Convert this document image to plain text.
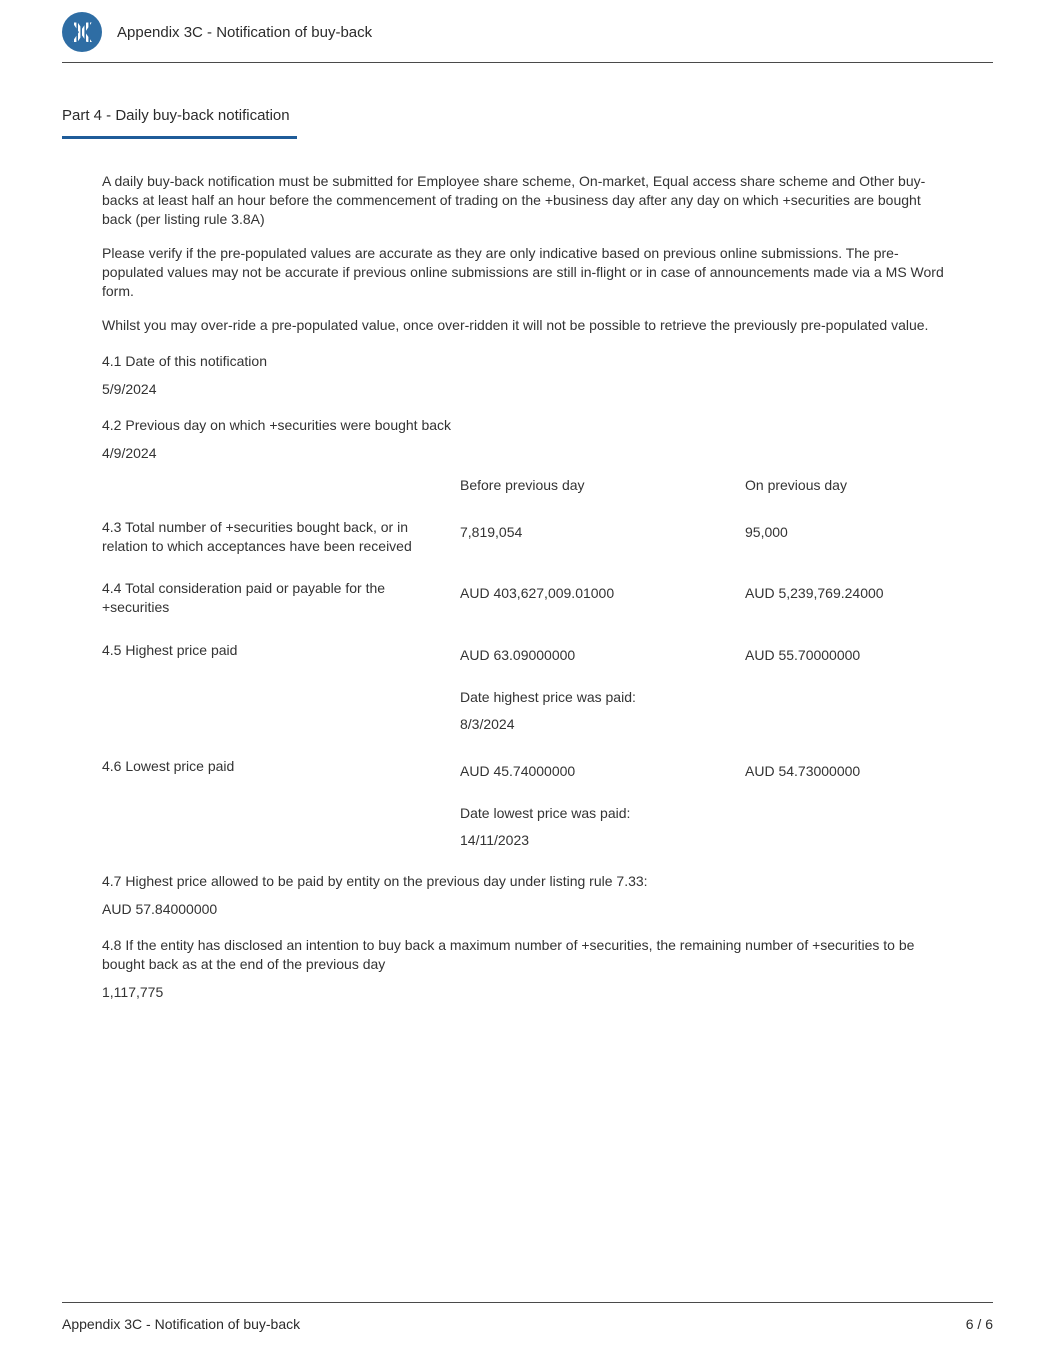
X Appendix 3C - Notification of buy-back
Part 4 - Daily buy-back notification

A daily buy-back notification must be submitted for Employee share scheme, On-market, Equal access share scheme and Other buy-backs at least half an hour before the commencement of trading on the +business day after any day on which +securities are bought back (per listing rule 3.8A)

Please verify if the pre-populated values are accurate as they are only indicative based on previous online submissions. The pre-populated values may not be accurate if previous online submissions are still in-flight or in case of announcements made via a MS Word form.

Whilst you may over-ride a pre-populated value, once over-ridden it will not be possible to retrieve the previously pre-populated value.

4.1 Date of this notification
5/9/2024
4.2 Previous day on which +securities were bought back
4/9/2024
Before previous day	On previous day
4.3 Total number of +securities bought back, or in relation to which acceptances have been received
7,819,054	95,000
4.4 Total consideration paid or payable for the +securities
AUD 403,627,009.01000	AUD 5,239,769.24000
4.5 Highest price paid	AUD 63.09000000	AUD 55.70000000
Date highest price was paid:
8/3/2024
4.6 Lowest price paid	AUD 45.74000000	AUD 54.73000000
Date lowest price was paid:
14/11/2023
4.7 Highest price allowed to be paid by entity on the previous day under listing rule 7.33:
AUD 57.84000000
4.8 If the entity has disclosed an intention to buy back a maximum number of +securities, the remaining number of +securities to be bought back as at the end of the previous day
1,117,775
Appendix 3C - Notification of buy-back	6 / 6
